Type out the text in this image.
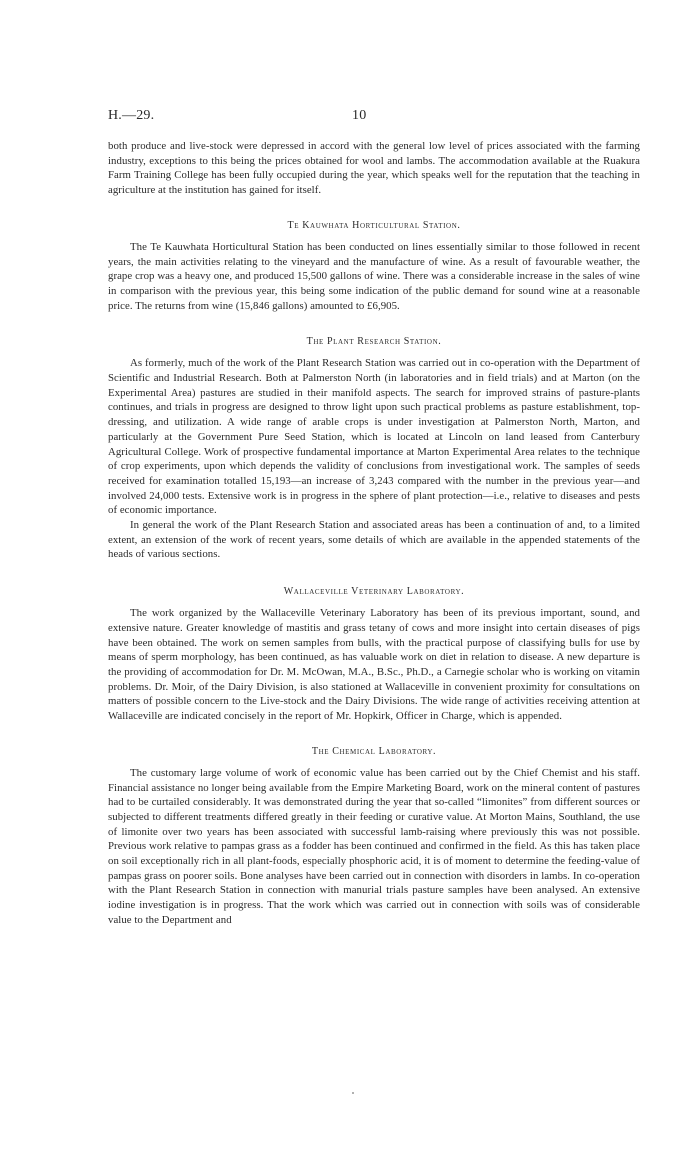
H.—29.	10

both produce and live-stock were depressed in accord with the general low level of prices associated with the farming industry, exceptions to this being the prices obtained for wool and lambs. The accommodation available at the Ruakura Farm Training College has been fully occupied during the year, which speaks well for the reputation that the teaching in agriculture at the institution has gained for itself.

Te Kauwhata Horticultural Station.

The Te Kauwhata Horticultural Station has been conducted on lines essentially similar to those followed in recent years, the main activities relating to the vineyard and the manufacture of wine. As a result of favourable weather, the grape crop was a heavy one, and produced 15,500 gallons of wine. There was a considerable increase in the sales of wine in comparison with the previous year, this being some indication of the public demand for sound wine at a reasonable price. The returns from wine (15,846 gallons) amounted to £6,905.

The Plant Research Station.

As formerly, much of the work of the Plant Research Station was carried out in co-operation with the Department of Scientific and Industrial Research. Both at Palmerston North (in laboratories and in field trials) and at Marton (on the Experimental Area) pastures are studied in their manifold aspects. The search for improved strains of pasture-plants continues, and trials in progress are designed to throw light upon such practical problems as pasture establishment, top-dressing, and utilization. A wide range of arable crops is under investigation at Palmerston North, Marton, and particularly at the Government Pure Seed Station, which is located at Lincoln on land leased from Canterbury Agricultural College. Work of prospective fundamental importance at Marton Experimental Area relates to the technique of crop experiments, upon which depends the validity of conclusions from investigational work. The samples of seeds received for examination totalled 15,193—an increase of 3,243 compared with the number in the previous year—and involved 24,000 tests. Extensive work is in progress in the sphere of plant protection—i.e., relative to diseases and pests of economic importance.

In general the work of the Plant Research Station and associated areas has been a continuation of and, to a limited extent, an extension of the work of recent years, some details of which are available in the appended statements of the heads of various sections.

Wallaceville Veterinary Laboratory.

The work organized by the Wallaceville Veterinary Laboratory has been of its previous important, sound, and extensive nature. Greater knowledge of mastitis and grass tetany of cows and more insight into certain diseases of pigs have been obtained. The work on semen samples from bulls, with the practical purpose of classifying bulls for use by means of sperm morphology, has been continued, as has valuable work on diet in relation to disease. A new departure is the providing of accommodation for Dr. M. McOwan, M.A., B.Sc., Ph.D., a Carnegie scholar who is working on vitamin problems. Dr. Moir, of the Dairy Division, is also stationed at Wallaceville in convenient proximity for consultations on matters of possible concern to the Live-stock and the Dairy Divisions. The wide range of activities receiving attention at Wallaceville are indicated concisely in the report of Mr. Hopkirk, Officer in Charge, which is appended.

The Chemical Laboratory.

The customary large volume of work of economic value has been carried out by the Chief Chemist and his staff. Financial assistance no longer being available from the Empire Marketing Board, work on the mineral content of pastures had to be curtailed considerably. It was demonstrated during the year that so-called “limonites” from different sources or subjected to different treatments differed greatly in their feeding or curative value. At Morton Mains, Southland, the use of limonite over two years has been associated with successful lamb-raising where previously this was not possible. Previous work relative to pampas grass as a fodder has been continued and confirmed in the field. As this has taken place on soil exceptionally rich in all plant-foods, especially phosphoric acid, it is of moment to determine the feeding-value of pampas grass on poorer soils. Bone analyses have been carried out in connection with disorders in lambs. In co-operation with the Plant Research Station in connection with manurial trials pasture samples have been analysed. An extensive iodine investigation is in progress. That the work which was carried out in connection with soils was of considerable value to the Department and
